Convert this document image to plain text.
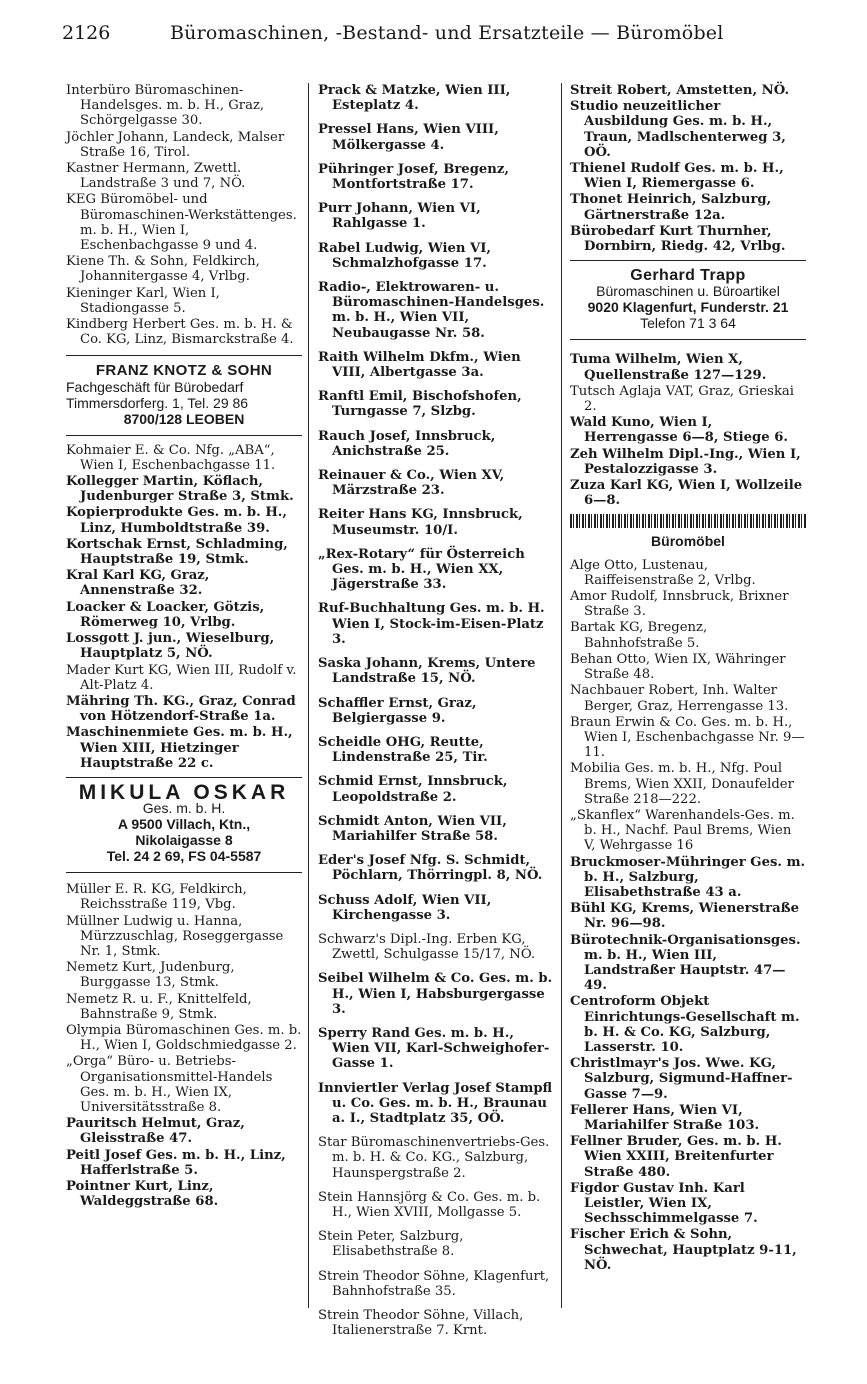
2126	Büromaschinen, -Bestand- und Ersatzteile — Büromöbel
Interbüro Büromaschinen-Handelsges. m. b. H., Graz, Schörgelgasse 30.
Jöchler Johann, Landeck, Malser Straße 16, Tirol.
Kastner Hermann, Zwettl. Landstraße 3 und 7, NÖ.
KEG Büromöbel- und Büromaschinen-Werkstättenges. m. b. H., Wien I, Eschenbachgasse 9 und 4.
Kiene Th. & Sohn, Feldkirch, Johannitergasse 4, Vrlbg.
Kieninger Karl, Wien I, Stadiongasse 5.
Kindberg Herbert Ges. m. b. H. & Co. KG, Linz, Bismarckstraße 4.
FRANZ KNOTZ & SOHN
Fachgeschäft für Bürobedarf
Timmersdorferg. 1, Tel. 29 86
8700/128 LEOBEN
Kohmaier E. & Co. Nfg. „ABA“, Wien I, Eschenbachgasse 11.
Kollegger Martin, Köflach, Judenburger Straße 3, Stmk.
Kopierprodukte Ges. m. b. H., Linz, Humboldtstraße 39.
Kortschak Ernst, Schladming, Hauptstraße 19, Stmk.
Kral Karl KG, Graz, Annenstraße 32.
Loacker & Loacker, Götzis, Römerweg 10, Vrlbg.
Lossgott J. jun., Wieselburg, Hauptplatz 5, NÖ.
Mader Kurt KG, Wien III, Rudolf v. Alt-Platz 4.
Mähring Th. KG., Graz, Conrad von Hötzendorf-Straße 1a.
Maschinenmiete Ges. m. b. H., Wien XIII, Hietzinger Hauptstraße 22 c.
MIKULA OSKAR
Ges. m. b. H.
A 9500 Villach, Ktn.,
Nikolaigasse 8
Tel. 24 2 69, FS 04-5587
Müller E. R. KG, Feldkirch, Reichsstraße 119, Vbg.
Müllner Ludwig u. Hanna, Mürzzuschlag, Roseggergasse Nr. 1, Stmk.
Nemetz Kurt, Judenburg, Burggasse 13, Stmk.
Nemetz R. u. F., Knittelfeld, Bahnstraße 9, Stmk.
Olympia Büromaschinen Ges. m. b. H., Wien I, Goldschmiedgasse 2.
„Orga“ Büro- u. Betriebs-Organisationsmittel-Handels Ges. m. b. H., Wien IX, Universitätsstraße 8.
Pauritsch Helmut, Graz, Gleisstraße 47.
Peitl Josef Ges. m. b. H., Linz, Hafferlstraße 5.
Pointner Kurt, Linz, Waldeggstraße 68.
Prack & Matzke, Wien III, Esteplatz 4.
Pressel Hans, Wien VIII, Mölkergasse 4.
Pühringer Josef, Bregenz, Montfortstraße 17.
Purr Johann, Wien VI, Rahlgasse 1.
Rabel Ludwig, Wien VI, Schmalzhofgasse 17.
Radio-, Elektrowaren- u. Büromaschinen-Handelsges. m. b. H., Wien VII, Neubaugasse Nr. 58.
Raith Wilhelm Dkfm., Wien VIII, Albertgasse 3a.
Ranftl Emil, Bischofshofen, Turngasse 7, Slzbg.
Rauch Josef, Innsbruck, Anichstraße 25.
Reinauer & Co., Wien XV, Märzstraße 23.
Reiter Hans KG, Innsbruck, Museumstr. 10/I.
„Rex-Rotary“ für Österreich Ges. m. b. H., Wien XX, Jägerstraße 33.
Ruf-Buchhaltung Ges. m. b. H. Wien I, Stock-im-Eisen-Platz 3.
Saska Johann, Krems, Untere Landstraße 15, NÖ.
Schaffler Ernst, Graz, Belgiergasse 9.
Scheidle OHG, Reutte, Lindenstraße 25, Tir.
Schmid Ernst, Innsbruck, Leopoldstraße 2.
Schmidt Anton, Wien VII, Mariahilfer Straße 58.
Eder's Josef Nfg. S. Schmidt, Pöchlarn, Thörringpl. 8, NÖ.
Schuss Adolf, Wien VII, Kirchengasse 3.
Schwarz's Dipl.-Ing. Erben KG, Zwettl, Schulgasse 15/17, NÖ.
Seibel Wilhelm & Co. Ges. m. b. H., Wien I, Habsburgergasse 3.
Sperry Rand Ges. m. b. H., Wien VII, Karl-Schweighofer-Gasse 1.
Innviertler Verlag Josef Stampfl u. Co. Ges. m. b. H., Braunau a. I., Stadtplatz 35, OÖ.
Star Büromaschinenvertriebs-Ges. m. b. H. & Co. KG., Salzburg, Haunspergstraße 2.
Stein Hannsjörg & Co. Ges. m. b. H., Wien XVIII, Mollgasse 5.
Stein Peter, Salzburg, Elisabethstraße 8.
Strein Theodor Söhne, Klagenfurt, Bahnhofstraße 35.
Strein Theodor Söhne, Villach, Italienerstraße 7. Krnt.
Streit Robert, Amstetten, NÖ.
Studio neuzeitlicher Ausbildung Ges. m. b. H., Traun, Madlschenterweg 3, OÖ.
Thienel Rudolf Ges. m. b. H., Wien I, Riemergasse 6.
Thonet Heinrich, Salzburg, Gärtnerstraße 12a.
Bürobedarf Kurt Thurnher, Dornbirn, Riedg. 42, Vrlbg.
Gerhard Trapp
Büromaschinen u. Büroartikel
9020 Klagenfurt, Funderstr. 21
Telefon 71 3 64
Tuma Wilhelm, Wien X, Quellenstraße 127—129.
Tutsch Aglaja VAT, Graz, Grieskai 2.
Wald Kuno, Wien I, Herrengasse 6—8, Stiege 6.
Zeh Wilhelm Dipl.-Ing., Wien I, Pestalozzigasse 3.
Zuza Karl KG, Wien I, Wollzeile 6—8.
Büromöbel
Alge Otto, Lustenau, Raiffeisenstraße 2, Vrlbg.
Amor Rudolf, Innsbruck, Brixner Straße 3.
Bartak KG, Bregenz, Bahnhofstraße 5.
Behan Otto, Wien IX, Währinger Straße 48.
Nachbauer Robert, Inh. Walter Berger, Graz, Herrengasse 13.
Braun Erwin & Co. Ges. m. b. H., Wien I, Eschenbachgasse Nr. 9—11.
Mobilia Ges. m. b. H., Nfg. Poul Brems, Wien XXII, Donaufelder Straße 218—222.
„Skanflex“ Warenhandels-Ges. m. b. H., Nachf. Paul Brems, Wien V, Wehrgasse 16
Bruckmoser-Mühringer Ges. m. b. H., Salzburg, Elisabethstraße 43 a.
Bühl KG, Krems, Wienerstraße Nr. 96—98.
Bürotechnik-Organisationsges. m. b. H., Wien III, Landstraßer Hauptstr. 47—49.
Centroform Objekt Einrichtungs-Gesellschaft m. b. H. & Co. KG, Salzburg, Lasserstr. 10.
Christlmayr's Jos. Wwe. KG, Salzburg, Sigmund-Haffner-Gasse 7—9.
Fellerer Hans, Wien VI, Mariahilfer Straße 103.
Fellner Bruder, Ges. m. b. H. Wien XXIII, Breitenfurter Straße 480.
Figdor Gustav Inh. Karl Leistler, Wien IX, Sechsschimmelgasse 7.
Fischer Erich & Sohn, Schwechat, Hauptplatz 9-11, NÖ.
